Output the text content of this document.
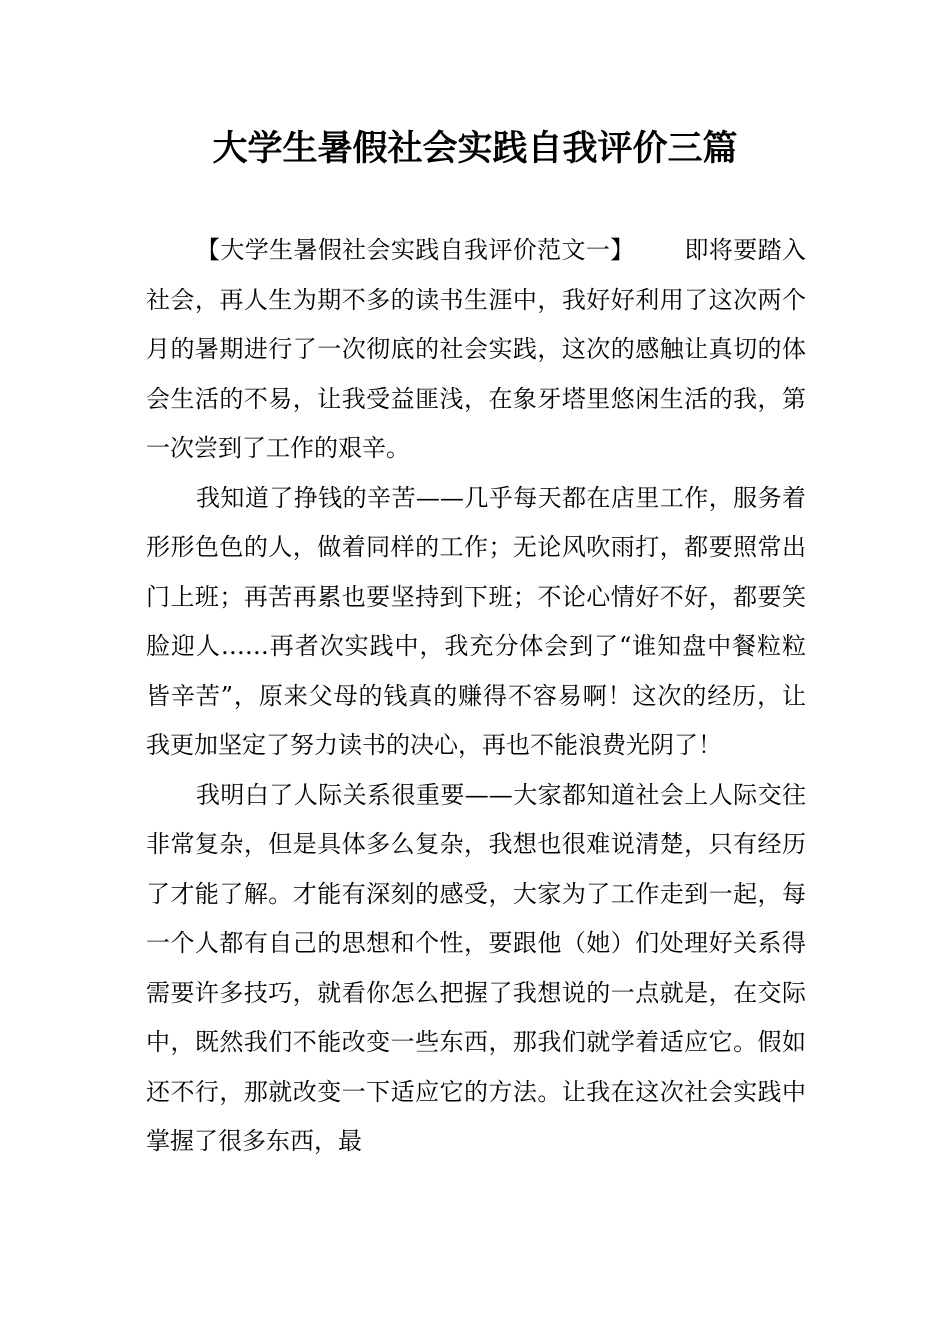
大学生暑假社会实践自我评价三篇

【大学生暑假社会实践自我评价范文一】 即将要踏入社会，再人生为期不多的读书生涯中，我好好利用了这次两个月的暑期进行了一次彻底的社会实践，这次的感触让真切的体会生活的不易，让我受益匪浅，在象牙塔里悠闲生活的我，第一次尝到了工作的艰辛。

我知道了挣钱的辛苦——几乎每天都在店里工作，服务着形形色色的人，做着同样的工作；无论风吹雨打，都要照常出门上班；再苦再累也要坚持到下班；不论心情好不好，都要笑脸迎人……再者次实践中，我充分体会到了“谁知盘中餐粒粒皆辛苦”，原来父母的钱真的赚得不容易啊！这次的经历，让我更加坚定了努力读书的决心，再也不能浪费光阴了！

我明白了人际关系很重要——大家都知道社会上人际交往非常复杂，但是具体多么复杂，我想也很难说清楚，只有经历了才能了解。才能有深刻的感受，大家为了工作走到一起，每一个人都有自己的思想和个性，要跟他（她）们处理好关系得需要许多技巧，就看你怎么把握了我想说的一点就是，在交际中，既然我们不能改变一些东西，那我们就学着适应它。假如还不行，那就改变一下适应它的方法。让我在这次社会实践中掌握了很多东西，最
